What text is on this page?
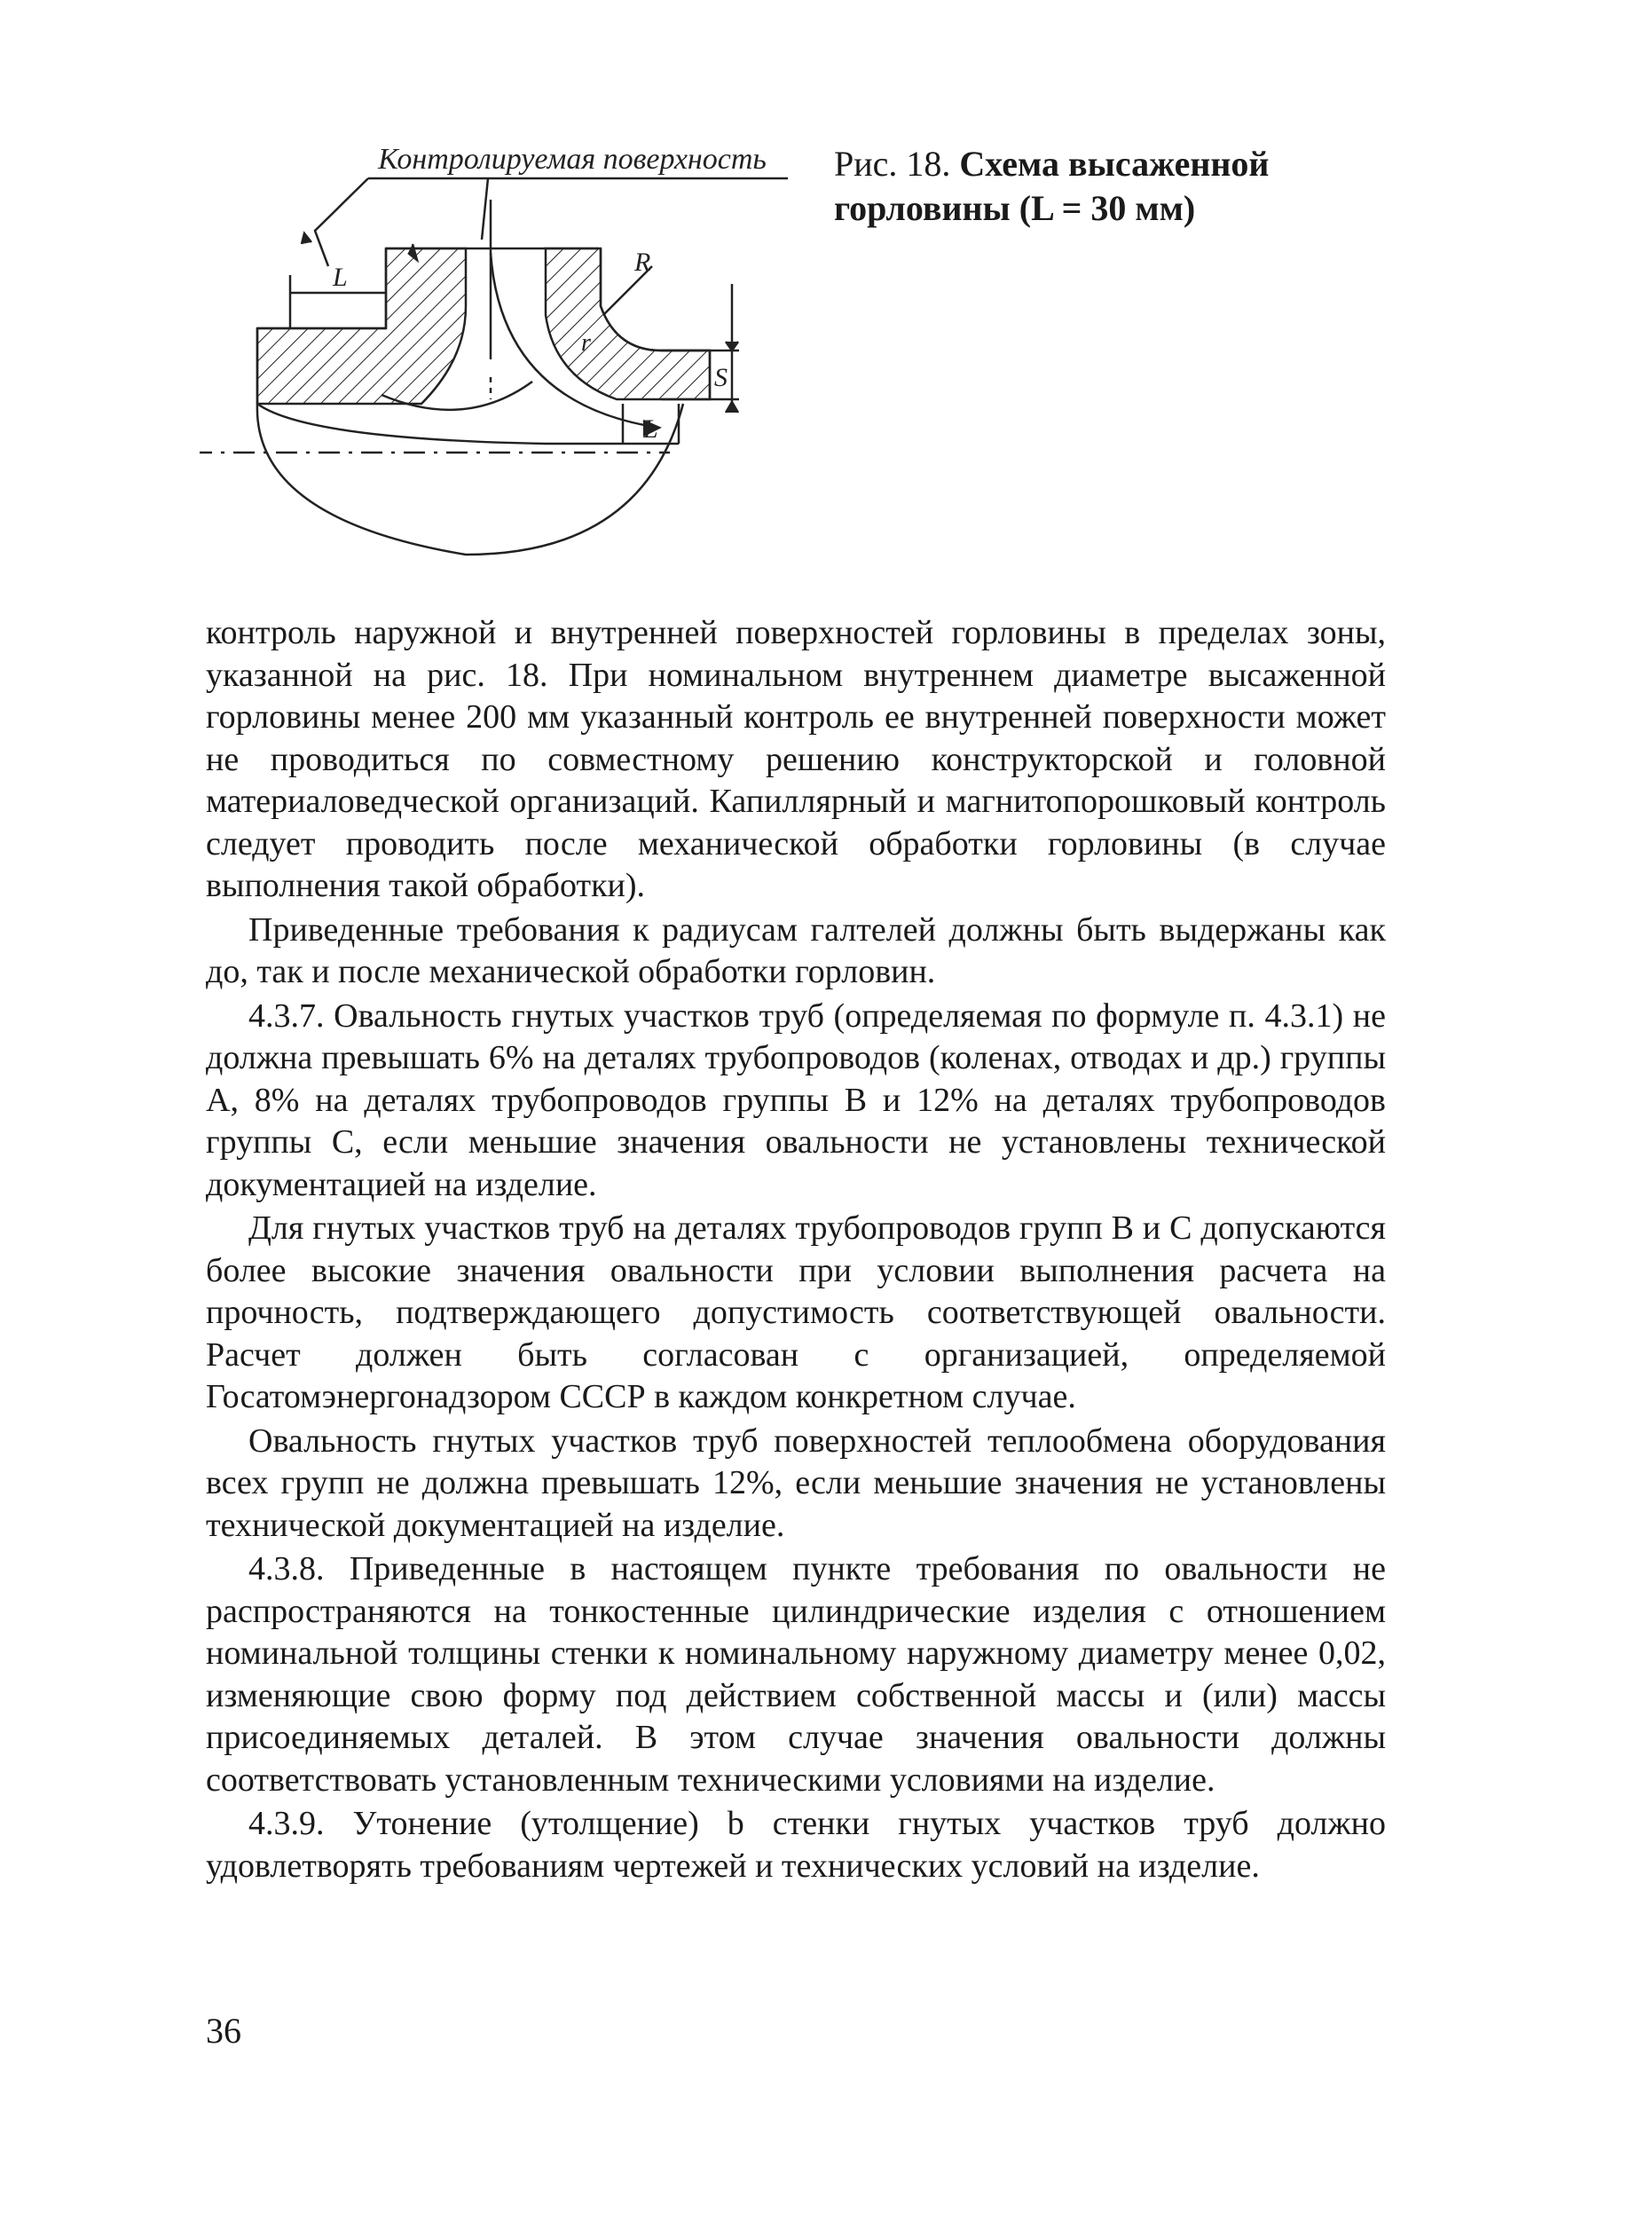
Контролируемая поверхность
L
R
r
S
L
Рис. 18. Схема высаженной горловины (L = 30 мм)

контроль наружной и внутренней поверхностей горловины в пределах зоны, указанной на рис. 18. При номинальном внутреннем диаметре высаженной горловины менее 200 мм указанный контроль ее внутренней поверхности может не проводиться по совместному решению конструкторской и головной материаловедческой организаций. Капиллярный и магнитопорошковый контроль следует проводить после механической обработки горловины (в случае выполнения такой обработки).

Приведенные требования к радиусам галтелей должны быть выдержаны как до, так и после механической обработки горловин.

4.3.7. Овальность гнутых участков труб (определяемая по формуле п. 4.3.1) не должна превышать 6% на деталях трубопроводов (коленах, отводах и др.) группы А, 8% на деталях трубопроводов группы В и 12% на деталях трубопроводов группы С, если меньшие значения овальности не установлены технической документацией на изделие.

Для гнутых участков труб на деталях трубопроводов групп В и С допускаются более высокие значения овальности при условии выполнения расчета на прочность, подтверждающего допустимость соответствующей овальности. Расчет должен быть согласован с организацией, определяемой Госатомэнергонадзором СССР в каждом конкретном случае.

Овальность гнутых участков труб поверхностей теплообмена оборудования всех групп не должна превышать 12%, если меньшие значения не установлены технической документацией на изделие.

4.3.8. Приведенные в настоящем пункте требования по овальности не распространяются на тонкостенные цилиндрические изделия с отношением номинальной толщины стенки к номинальному наружному диаметру менее 0,02, изменяющие свою форму под действием собственной массы и (или) массы присоединяемых деталей. В этом случае значения овальности должны соответствовать установленным техническими условиями на изделие.

4.3.9. Утонение (утолщение) b стенки гнутых участков труб должно удовлетворять требованиям чертежей и технических условий на изделие.

36
